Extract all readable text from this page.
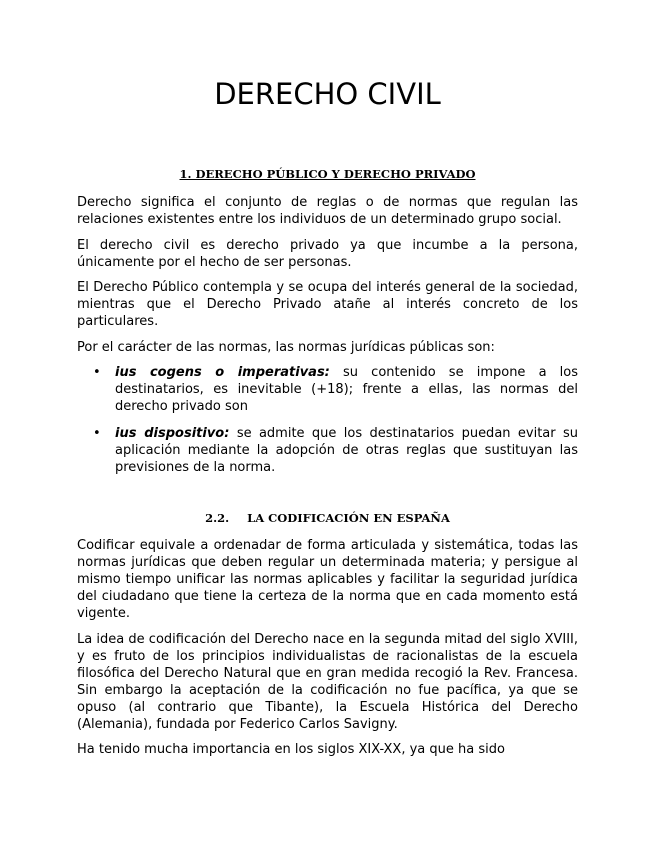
DERECHO CIVIL
1. DERECHO PÚBLICO Y DERECHO PRIVADO

Derecho significa el conjunto de reglas o de normas que regulan las relaciones existentes entre los individuos de un determinado grupo social.

El derecho civil es derecho privado ya que incumbe a la persona, únicamente por el hecho de ser personas.

El Derecho Público contempla y se ocupa del interés general de la sociedad, mientras que el Derecho Privado atañe al interés concreto de los particulares.

Por el carácter de las normas, las normas jurídicas públicas son:

• ius cogens o imperativas: su contenido se impone a los destinatarios, es inevitable (+18); frente a ellas, las normas del derecho privado son
• ius dispositivo: se admite que los destinatarios puedan evitar su aplicación mediante la adopción de otras reglas que sustituyan las previsiones de la norma.
2.2. LA CODIFICACIÓN EN ESPAÑA

Codificar equivale a ordenadar de forma articulada y sistemática, todas las normas jurídicas que deben regular un determinada materia; y persigue al mismo tiempo unificar las normas aplicables y facilitar la seguridad jurídica del ciudadano que tiene la certeza de la norma que en cada momento está vigente.

La idea de codificación del Derecho nace en la segunda mitad del siglo XVIII, y es fruto de los principios individualistas de racionalistas de la escuela filosófica del Derecho Natural que en gran medida recogió la Rev. Francesa. Sin embargo la aceptación de la codificación no fue pacífica, ya que se opuso (al contrario que Tibante), la Escuela Histórica del Derecho (Alemania), fundada por Federico Carlos Savigny.

Ha tenido mucha importancia en los siglos XIX-XX, ya que ha sido
